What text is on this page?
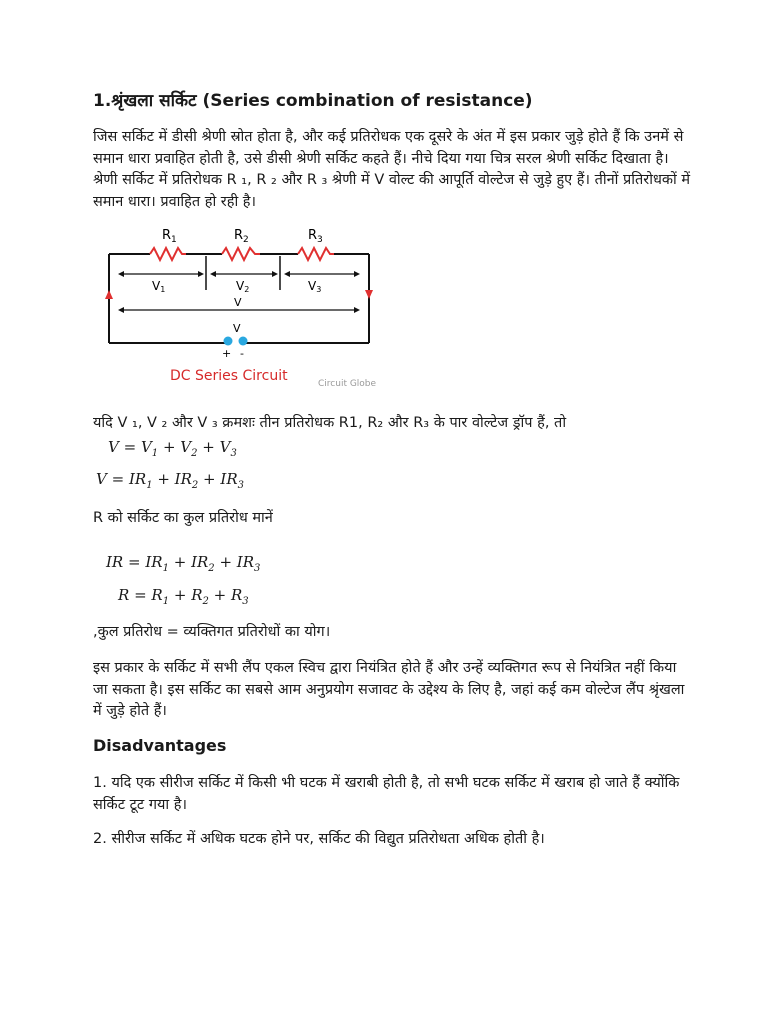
1.श्रृंखला सर्किट (Series combination of resistance)

जिस सर्किट में डीसी श्रेणी स्रोत होता है, और कई प्रतिरोधक एक दूसरे के अंत में इस प्रकार जुड़े होते हैं कि उनमें से समान धारा प्रवाहित होती है, उसे डीसी श्रेणी सर्किट कहते हैं। नीचे दिया गया चित्र सरल श्रेणी सर्किट दिखाता है। श्रेणी सर्किट में प्रतिरोधक R ₁, R ₂ और R ₃ श्रेणी में V वोल्ट की आपूर्ति वोल्टेज से जुड़े हुए हैं। तीनों प्रतिरोधकों में समान धारा। प्रवाहित हो रही है।

$R_1$	$R_2$	$R_3$
V1	V2	V3
V
V
+ -
DC Series Circuit	Circuit Globe

यदि V ₁, V ₂ और V ₃ क्रमशः तीन प्रतिरोधक R1, R₂ और R₃ के पार वोल्टेज ड्रॉप हैं, तो

$V = V_1 + V_2 + V_3$
$V = IR_1 + IR_2 + IR_3$

R को सर्किट का कुल प्रतिरोध मानें

IR = $IR_1 + IR_2 + IR_3$
$R = R_1 + R_2 + R_3$

,कुल प्रतिरोध = व्यक्तिगत प्रतिरोधों का योग।

इस प्रकार के सर्किट में सभी लैंप एकल स्विच द्वारा नियंत्रित होते हैं और उन्हें व्यक्तिगत रूप से नियंत्रित नहीं किया जा सकता है। इस सर्किट का सबसे आम अनुप्रयोग सजावट के उद्देश्य के लिए है, जहां कई कम वोल्टेज लैंप श्रृंखला में जुड़े होते हैं।

Disadvantages

1. यदि एक सीरीज सर्किट में किसी भी घटक में खराबी होती है, तो सभी घटक सर्किट में खराब हो जाते हैं क्योंकि सर्किट टूट गया है।

2. सीरीज सर्किट में अधिक घटक होने पर, सर्किट की विद्युत प्रतिरोधता अधिक होती है।
